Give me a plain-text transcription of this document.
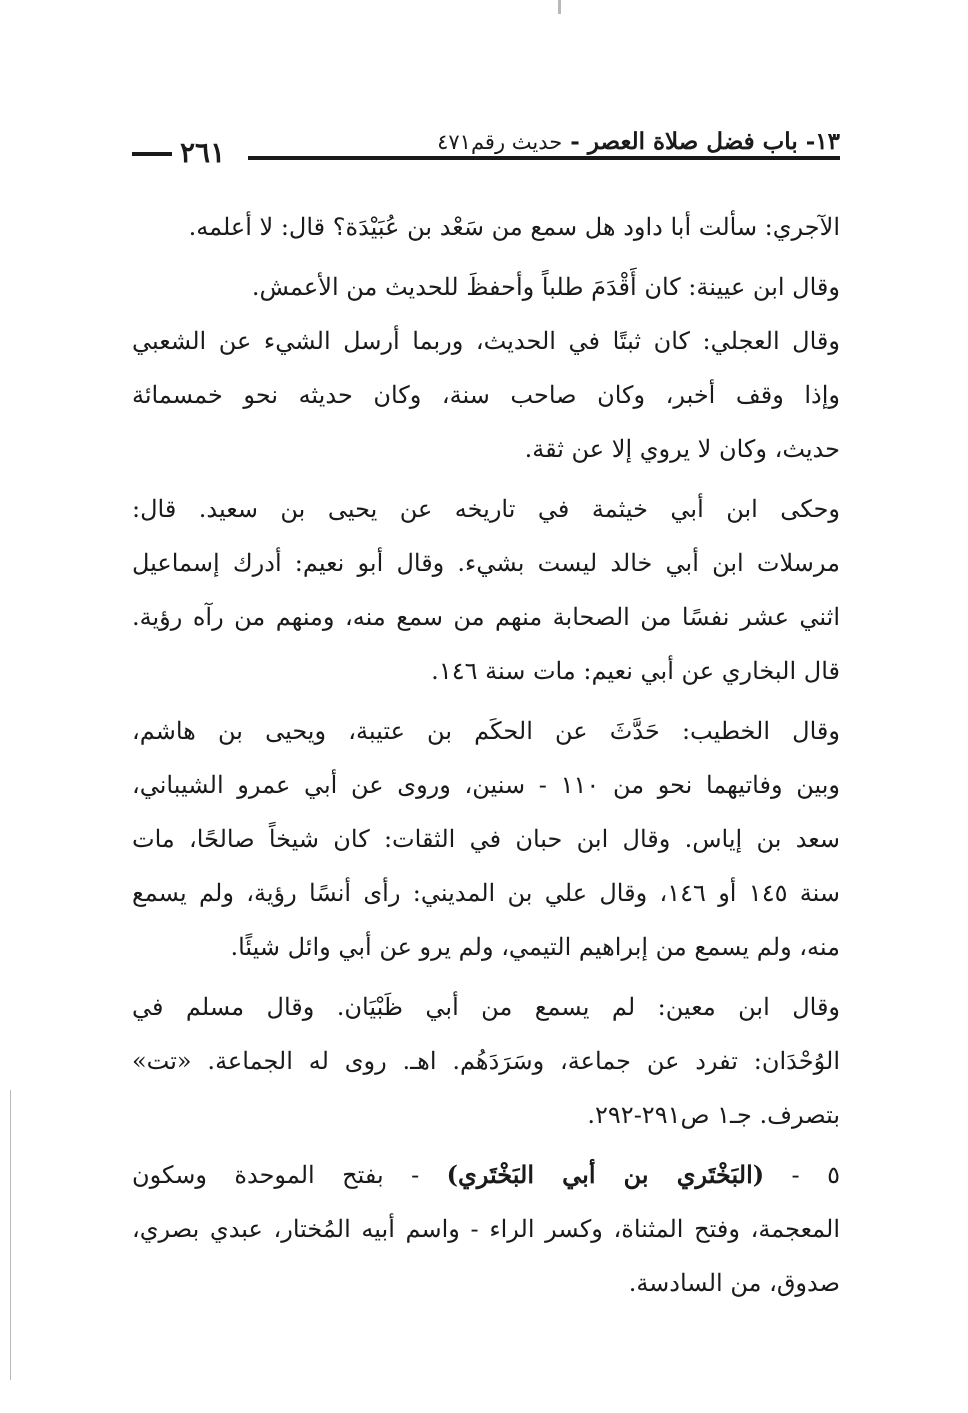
١٣- باب فضل صلاة العصر - حديث رقم٤٧١
٢٦١
الآجري: سألت أبا داود هل سمع من سَعْد بن عُبَيْدَة؟ قال: لا أعلمه.
وقال ابن عيينة: كان أَقْدَمَ طلباً وأحفظَ للحديث من الأعمش.
وقال العجلي: كان ثبتًا في الحديث، وربما أرسل الشيء عن الشعبي
وإذا وقف أخبر، وكان صاحب سنة، وكان حديثه نحو خمسمائة
حديث، وكان لا يروي إلا عن ثقة.
وحكى ابن أبي خيثمة في تاريخه عن يحيى بن سعيد. قال:
مرسلات ابن أبي خالد ليست بشيء. وقال أبو نعيم: أدرك إسماعيل
اثني عشر نفسًا من الصحابة منهم من سمع منه، ومنهم من رآه رؤية.
قال البخاري عن أبي نعيم: مات سنة ١٤٦.
وقال الخطيب: حَدَّثَ عن الحكَم بن عتيبة، ويحيى بن هاشم،
وبين وفاتيهما نحو من ١١٠ - سنين، وروى عن أبي عمرو الشيباني،
سعد بن إياس. وقال ابن حبان في الثقات: كان شيخاً صالحًا، مات
سنة ١٤٥ أو ١٤٦، وقال علي بن المديني: رأى أنسًا رؤية، ولم يسمع
منه، ولم يسمع من إبراهيم التيمي، ولم يرو عن أبي وائل شيئًا.
وقال ابن معين: لم يسمع من أبي ظَبْيَان. وقال مسلم في
الوُحْدَان: تفرد عن جماعة، وسَرَدَهُم. اهـ. روى له الجماعة. «تت»
بتصرف. جـ١ ص٢٩١-٢٩٢.
٥ - (البَخْتَري بن أبي البَخْتَري) - بفتح الموحدة وسكون
المعجمة، وفتح المثناة، وكسر الراء - واسم أبيه المُختار، عبدي بصري،
صدوق، من السادسة.
